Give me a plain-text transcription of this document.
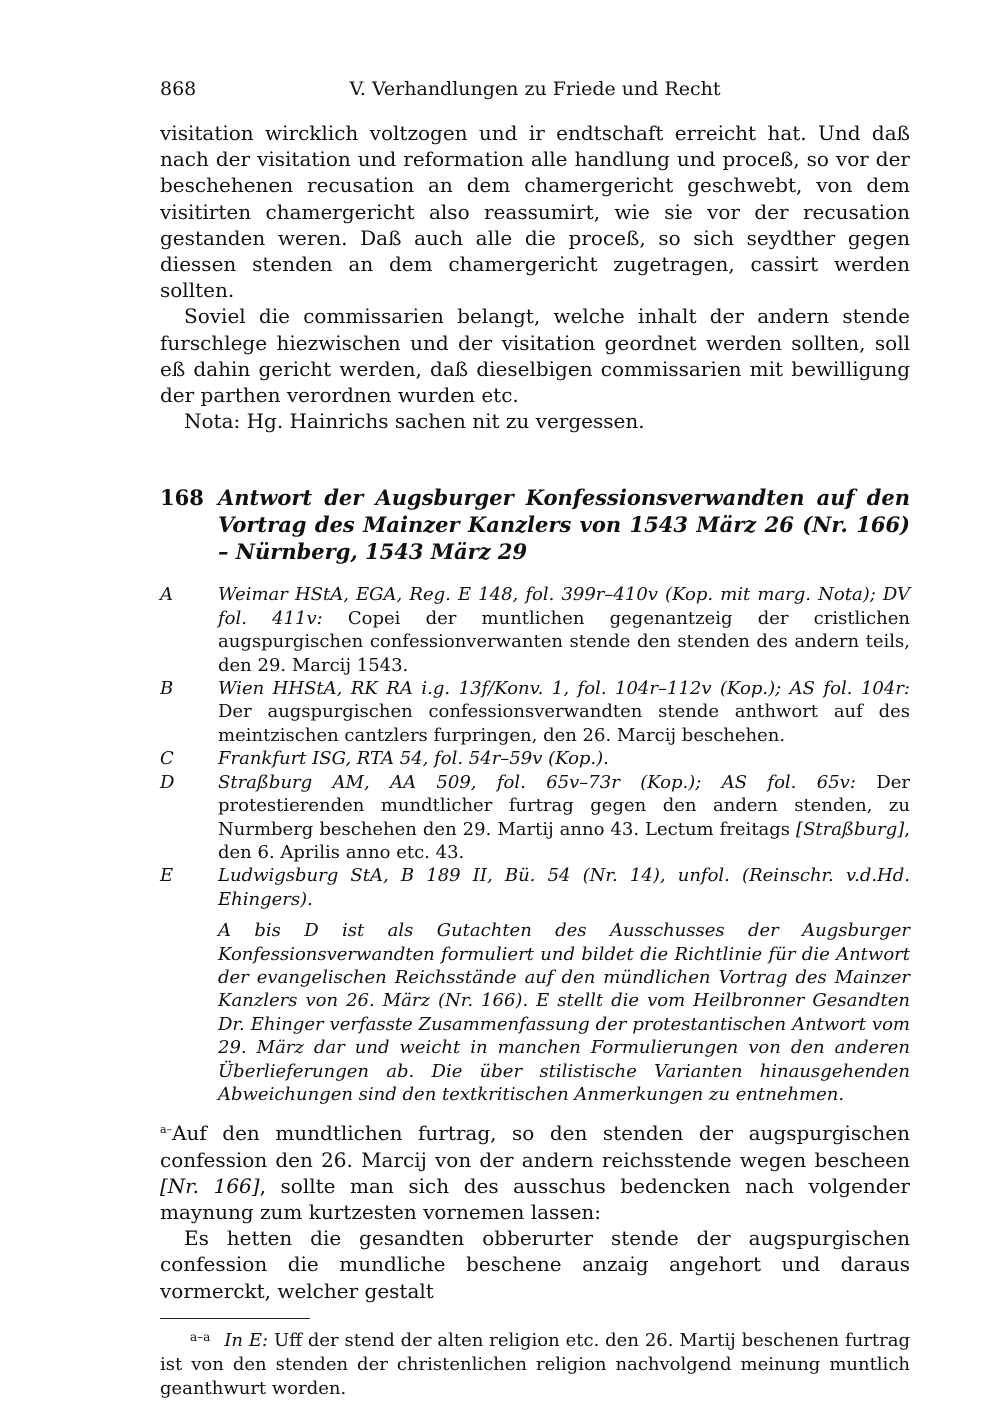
868	V. Verhandlungen zu Friede und Recht

visitation wircklich voltzogen und ir endtschaft erreicht hat. Und daß nach der visitation und reformation alle handlung und proceß, so vor der beschehenen recusation an dem chamergericht geschwebt, von dem visitirten chamergericht also reassumirt, wie sie vor der recusation gestanden weren. Daß auch alle die proceß, so sich seydther gegen diessen stenden an dem chamergericht zugetragen, cassirt werden sollten.

Soviel die commissarien belangt, welche inhalt der andern stende furschlege hiezwischen und der visitation geordnet werden sollten, soll eß dahin gericht werden, daß dieselbigen commissarien mit bewilligung der parthen verordnen wurden etc.

Nota: Hg. Hainrichs sachen nit zu vergessen.

168 Antwort der Augsburger Konfessionsverwandten auf den Vortrag des Mainzer Kanzlers von 1543 März 26 (Nr. 166) – Nürnberg, 1543 März 29
A	Weimar HStA, EGA, Reg. E 148, fol. 399r–410v (Kop. mit marg. Nota); DV fol. 411v: Copei der muntlichen gegenantzeig der cristlichen augspurgischen confessionverwanten stende den stenden des andern teils, den 29. Marcij 1543.
B	Wien HHStA, RK RA i.g. 13f/Konv. 1, fol. 104r–112v (Kop.); AS fol. 104r: Der augspurgischen confessionsverwandten stende anthwort auf des meintzischen cantzlers furpringen, den 26. Marcij beschehen.
C	Frankfurt ISG, RTA 54, fol. 54r–59v (Kop.).
D	Straßburg AM, AA 509, fol. 65v–73r (Kop.); AS fol. 65v: Der protestierenden mundtlicher furtrag gegen den andern stenden, zu Nurmberg beschehen den 29. Martij anno 43. Lectum freitags [Straßburg], den 6. Aprilis anno etc. 43.
E	Ludwigsburg StA, B 189 II, Bü. 54 (Nr. 14), unfol. (Reinschr. v.d.Hd. Ehingers).
A bis D ist als Gutachten des Ausschusses der Augsburger Konfessionsverwandten formuliert und bildet die Richtlinie für die Antwort der evangelischen Reichsstände auf den mündlichen Vortrag des Mainzer Kanzlers von 26. März (Nr. 166). E stellt die vom Heilbronner Gesandten Dr. Ehinger verfasste Zusammenfassung der protestantischen Antwort vom 29. März dar und weicht in manchen Formulierungen von den anderen Überlieferungen ab. Die über stilistische Varianten hinausgehenden Abweichungen sind den textkritischen Anmerkungen zu entnehmen.

$^{a-}$Auf den mundtlichen furtrag, so den stenden der augspurgischen confession den 26. Marcij von der andern reichsstende wegen bescheen [Nr. 166], sollte man sich des ausschus bedencken nach volgender maynung zum kurtzesten vornemen lassen:

Es hetten die gesandten obberurter stende der augspurgischen confession die mundliche beschene anzaig angehort und daraus vormerckt, welcher gestalt

$^{a-a}$ In E: Uff der stend der alten religion etc. den 26. Martij beschenen furtrag ist von den stenden der christenlichen religion nachvolgend meinung muntlich geanthwurt worden.
